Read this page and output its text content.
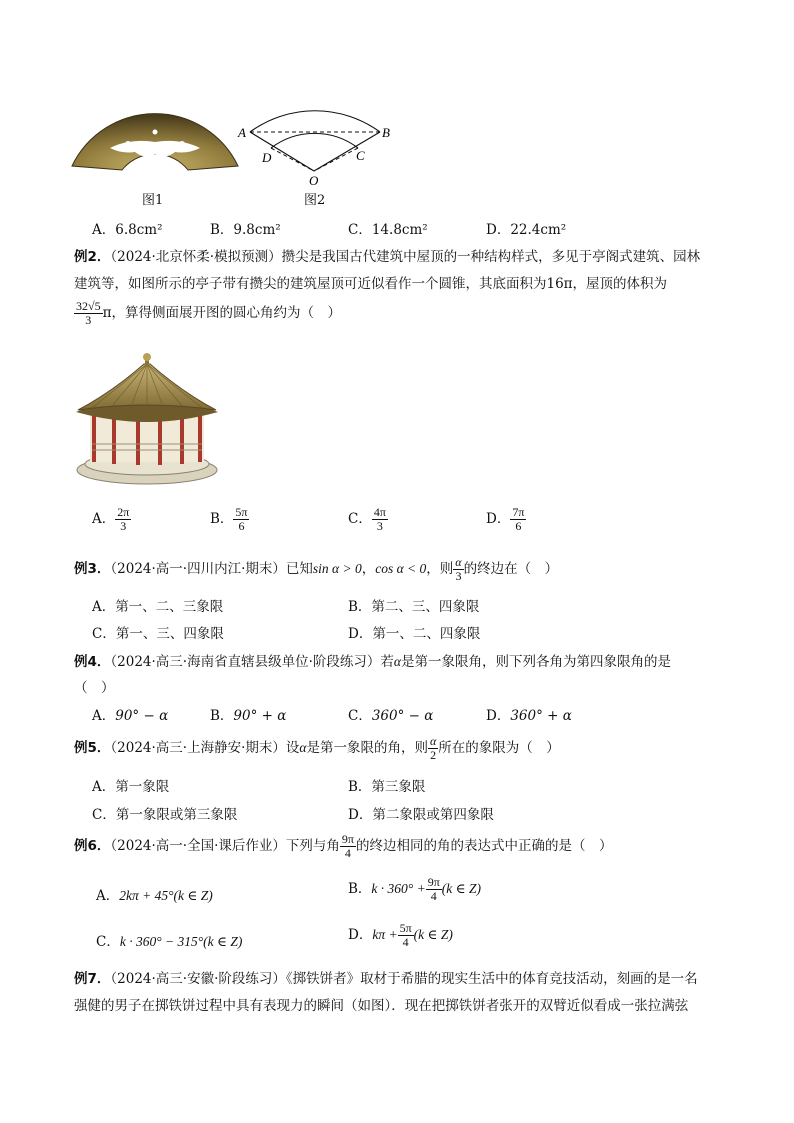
图1
A	B
D	C
O
图2
A．6.8cm²	B．9.8cm²	C．14.8cm²	D．22.4cm²
例2．（2024·北京怀柔·模拟预测）攒尖是我国古代建筑中屋顶的一种结构样式，多见于亭阁式建筑、园林
建筑等，如图所示的亭子带有攒尖的建筑屋顶可近似看作一个圆锥，其底面积为16π，屋顶的体积为
$\frac{32√5}{3}$ π，算得侧面展开图的圆心角约为（　）
A． $\frac{2\pi}{3}$	B． $\frac{5\pi}{6}$	C． $\frac{4\pi}{3}$	D． $\frac{7\pi}{6}$
例3．（2024·高一·四川内江·期末）已知sin α > 0，cos α < 0，则 $\frac{\alpha}{3}$ 的终边在（　）
A．第一、二、三象限	B．第二、三、四象限
C．第一、三、四象限	D．第一、二、四象限
例4．（2024·高三·海南省直辖县级单位·阶段练习）若α是第一象限角，则下列各角为第四象限角的是
（　）
A．90° − α	B．90° + α	C．360° − α	D．360° + α
例5．（2024·高三·上海静安·期末）设α是第一象限的角，则 $\frac{\alpha}{2}$ 所在的象限为（　）
A．第一象限	B．第三象限
C．第一象限或第三象限	D．第二象限或第四象限
例6．（2024·高一·全国·课后作业）下列与角 $\frac{9\pi}{4}$ 的终边相同的角的表达式中正确的是（　）
A．2kπ + 45°(k ∈ Z)	B．$k \cdot 360^\circ + \frac{9\pi}{4} (k$ ∈ Z)
C．k · 360° − 315°(k ∈ Z)	D．$k\pi + \frac{5\pi}{4} (k$ ∈ Z)
例7．（2024·高三·安徽·阶段练习）《掷铁饼者》取材于希腊的现实生活中的体育竞技活动，刻画的是一名
强健的男子在掷铁饼过程中具有表现力的瞬间（如图）．现在把掷铁饼者张开的双臂近似看成一张拉满弦
